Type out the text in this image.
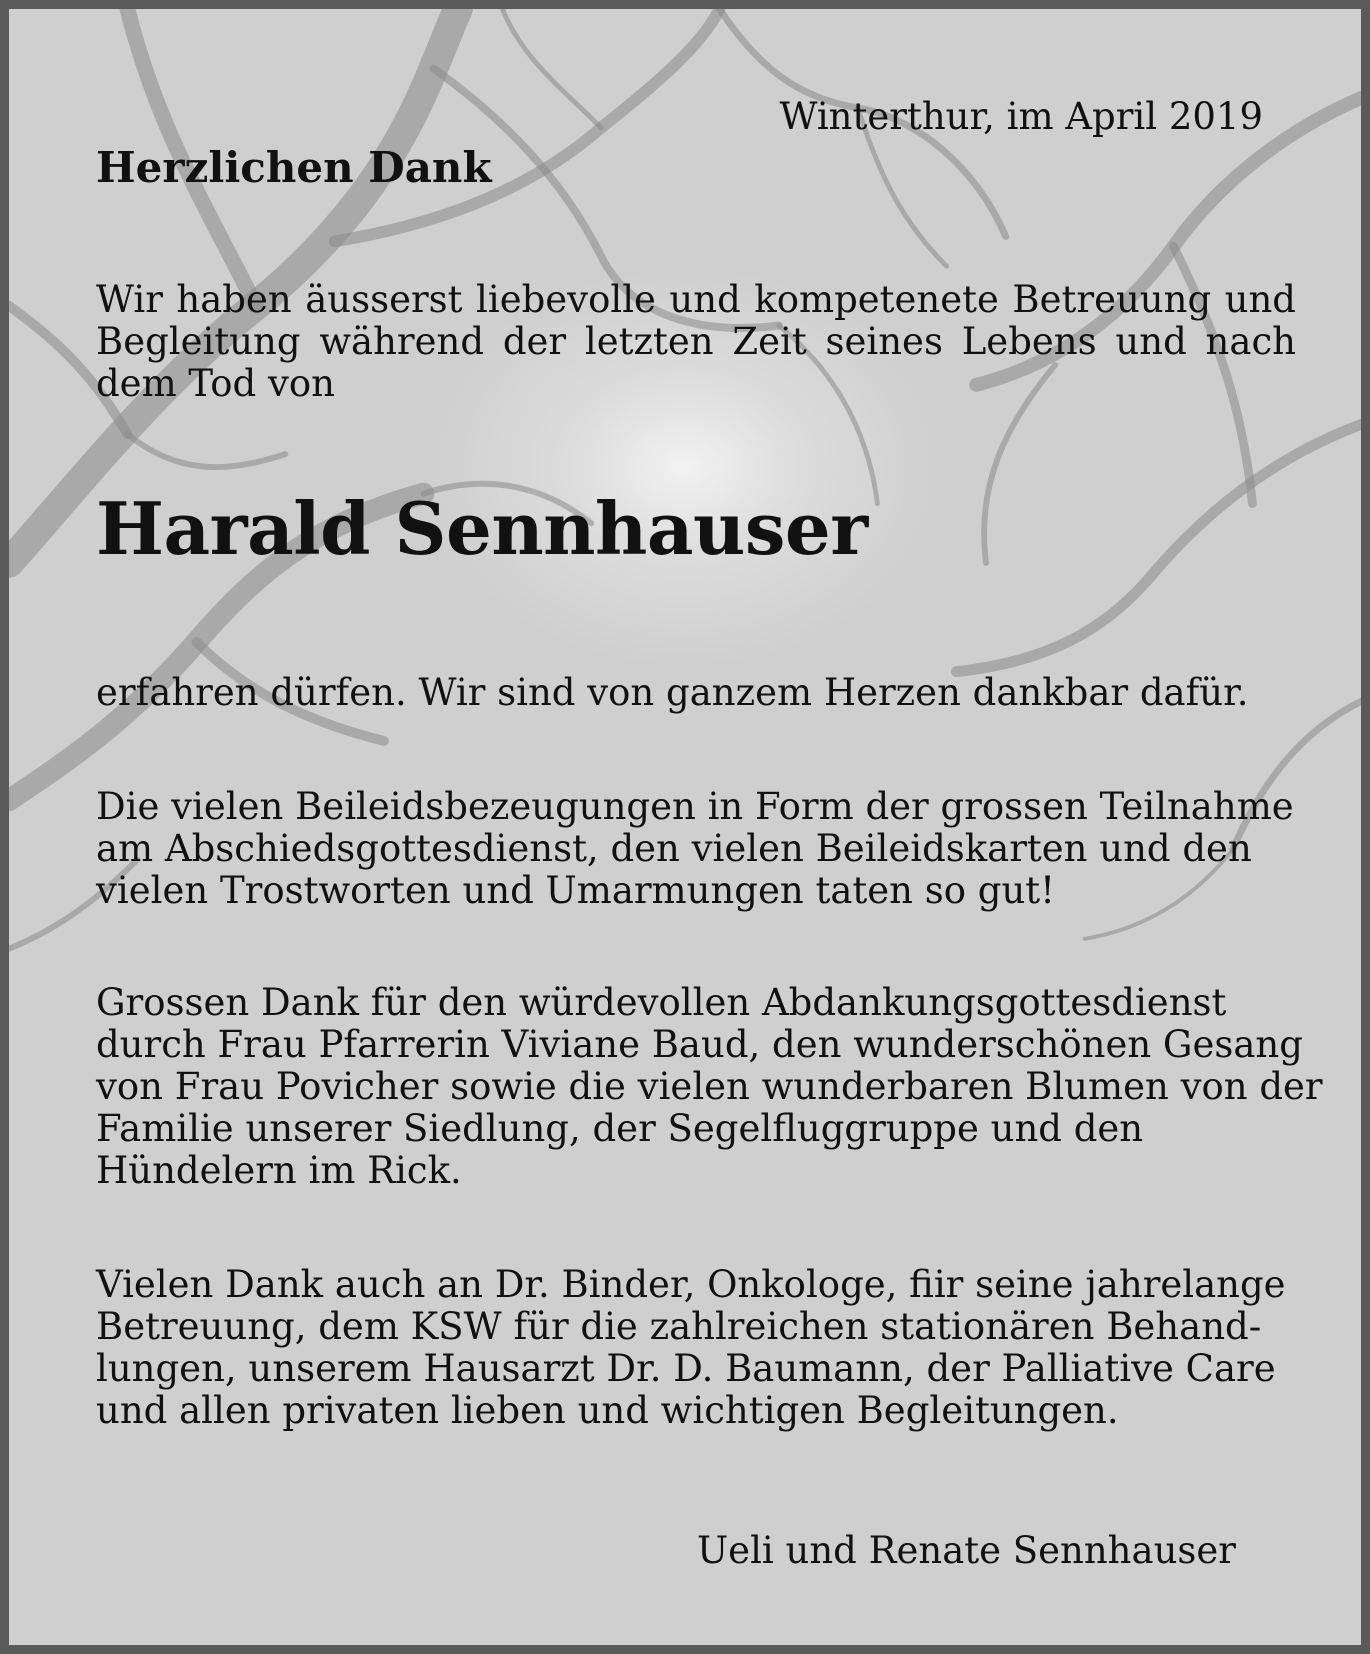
Winterthur, im April 2019

Herzlichen Dank

Wir haben äusserst liebevolle und kompetenete Betreuung und Begleitung während der letzten Zeit seines Lebens und nach dem Tod von

Harald Sennhauser

erfahren dürfen. Wir sind von ganzem Herzen dankbar dafür.

Die vielen Beileidsbezeugungen in Form der grossen Teilnahme am Abschiedsgottesdienst, den vielen Beileidskarten und den vielen Trostworten und Umarmungen taten so gut!

Grossen Dank für den würdevollen Abdankungsgottesdienst durch Frau Pfarrerin Viviane Baud, den wunderschönen Gesang von Frau Povicher sowie die vielen wunderbaren Blumen von der Familie unserer Siedlung, der Segelfluggruppe und den Hündelern im Rick.

Vielen Dank auch an Dr. Binder, Onkologe, fiir seine jahrelange Betreuung, dem KSW für die zahlreichen stationären Behand-lungen, unserem Hausarzt Dr. D. Baumann, der Palliative Care und allen privaten lieben und wichtigen Begleitungen.

Ueli und Renate Sennhauser
